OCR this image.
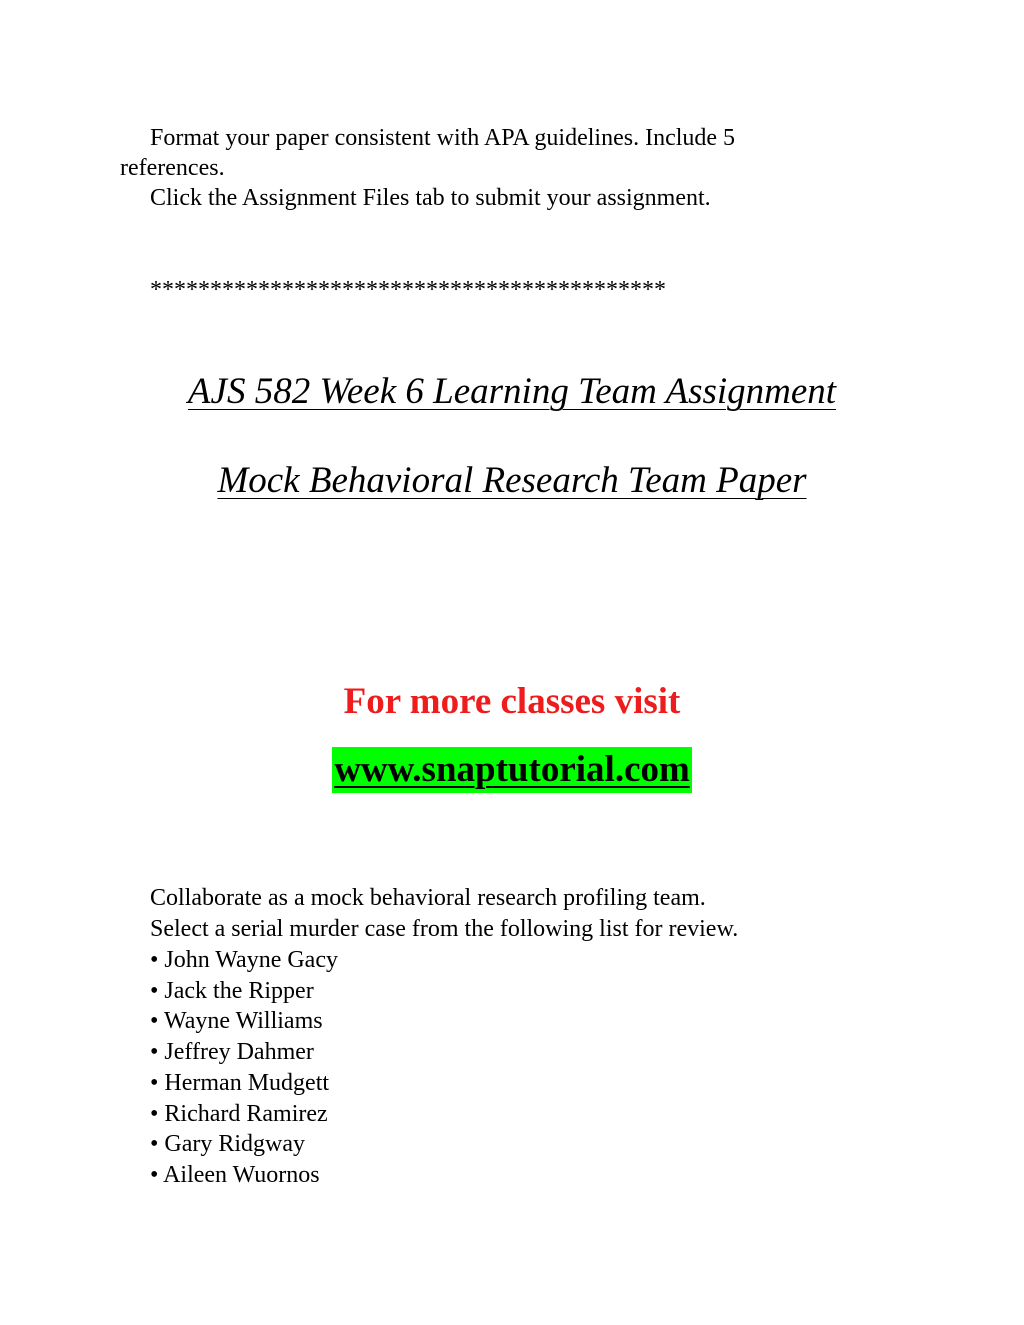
Format your paper consistent with APA guidelines. Include 5
references.
Click the Assignment Files tab to submit your assignment.
*******************************************
AJS 582 Week 6 Learning Team Assignment
Mock Behavioral Research Team Paper
For more classes visit
www.snaptutorial.com
Collaborate as a mock behavioral research profiling team.
Select a serial murder case from the following list for review.
• John Wayne Gacy
• Jack the Ripper
• Wayne Williams
• Jeffrey Dahmer
• Herman Mudgett
• Richard Ramirez
• Gary Ridgway
• Aileen Wuornos
